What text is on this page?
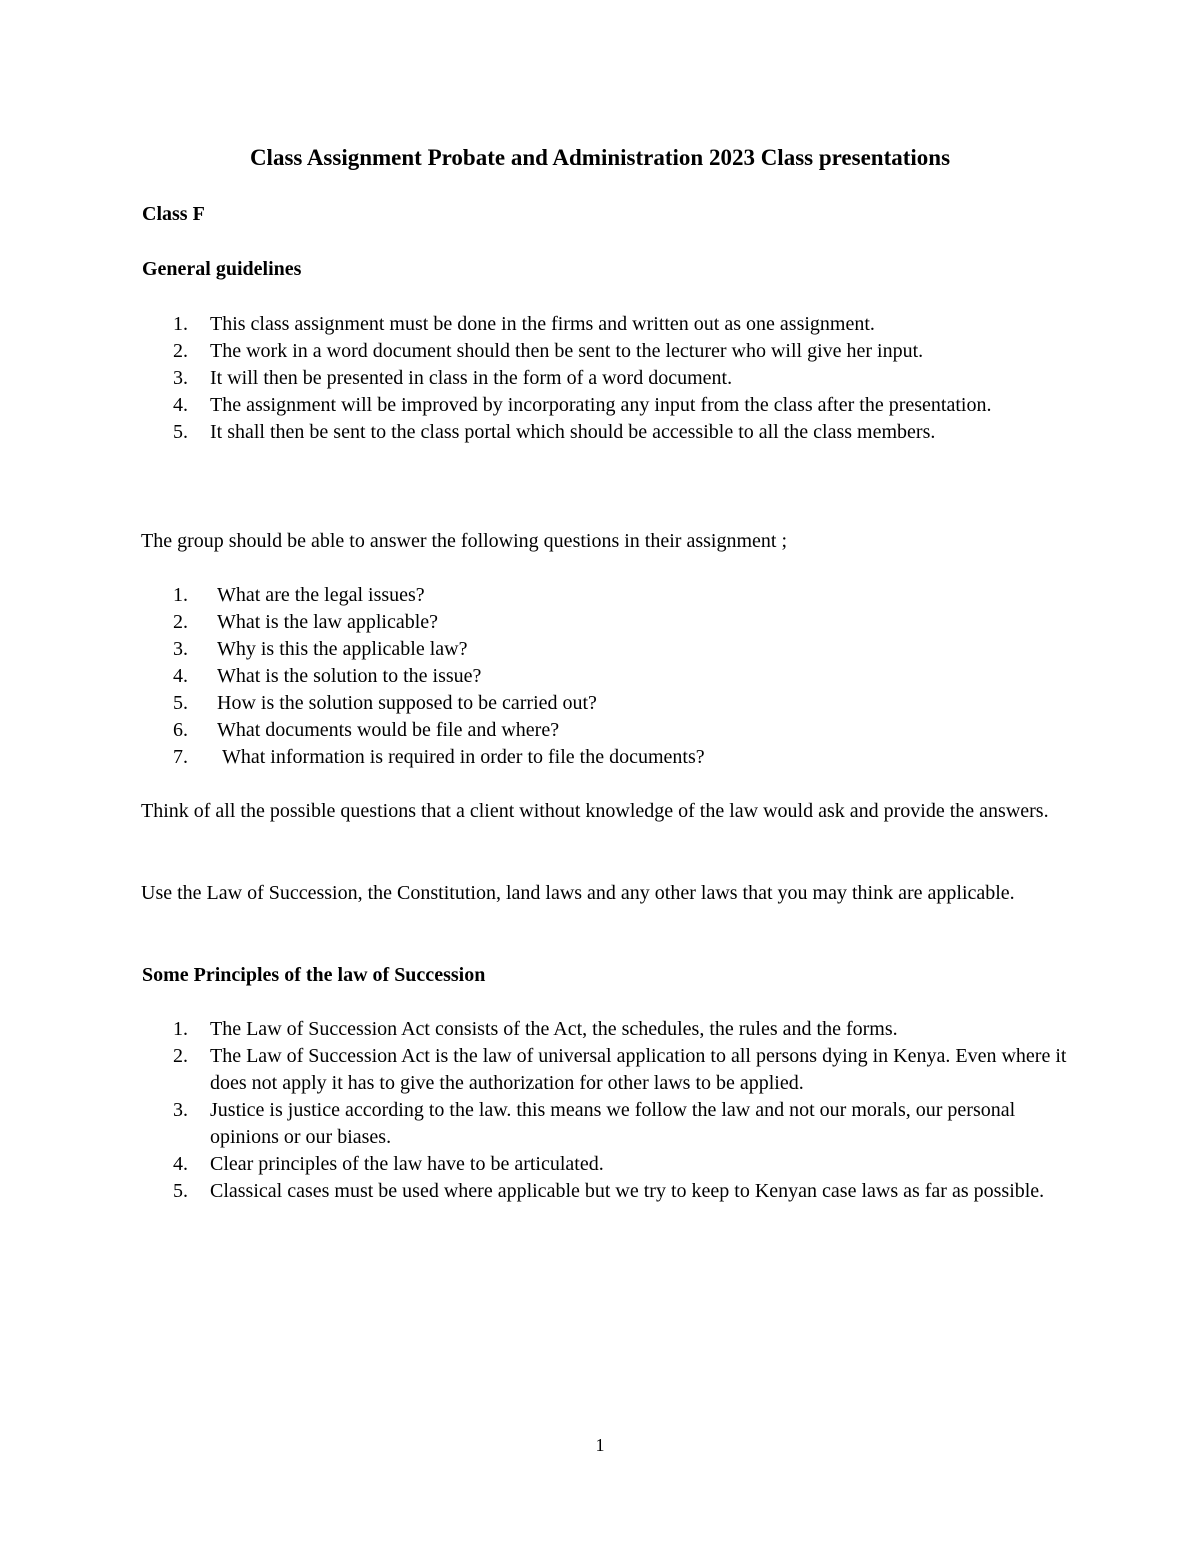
Class Assignment Probate and Administration 2023 Class presentations
Class F
General guidelines
1. This class assignment must be done in the firms and written out as one assignment.
2. The work in a word document should then be sent to the lecturer who will give her input.
3. It will then be presented in class in the form of a word document.
4. The assignment will be improved by incorporating any input from the class after the presentation.
5. It shall then be sent to the class portal which should be accessible to all the class members.
The group should be able to answer the following questions in their assignment ;
1. What are the legal issues?
2. What is the law applicable?
3. Why is this the applicable law?
4. What is the solution to the issue?
5. How is the solution supposed to be carried out?
6. What documents would be file and where?
7. What information is required in order to file the documents?
Think of all the possible questions that a client without knowledge of the law would ask and provide the answers.
Use the Law of Succession, the Constitution, land laws and any other laws that you may think are applicable.
Some Principles of the law of Succession
1. The Law of Succession Act consists of the Act, the schedules, the rules and the forms.
2. The Law of Succession Act is the law of universal application to all persons dying in Kenya. Even where it does not apply it has to give the authorization for other laws to be applied.
3. Justice is justice according to the law. this means we follow the law and not our morals, our personal opinions or our biases.
4. Clear principles of the law have to be articulated.
5. Classical cases must be used where applicable but we try to keep to Kenyan case laws as far as possible.
1
